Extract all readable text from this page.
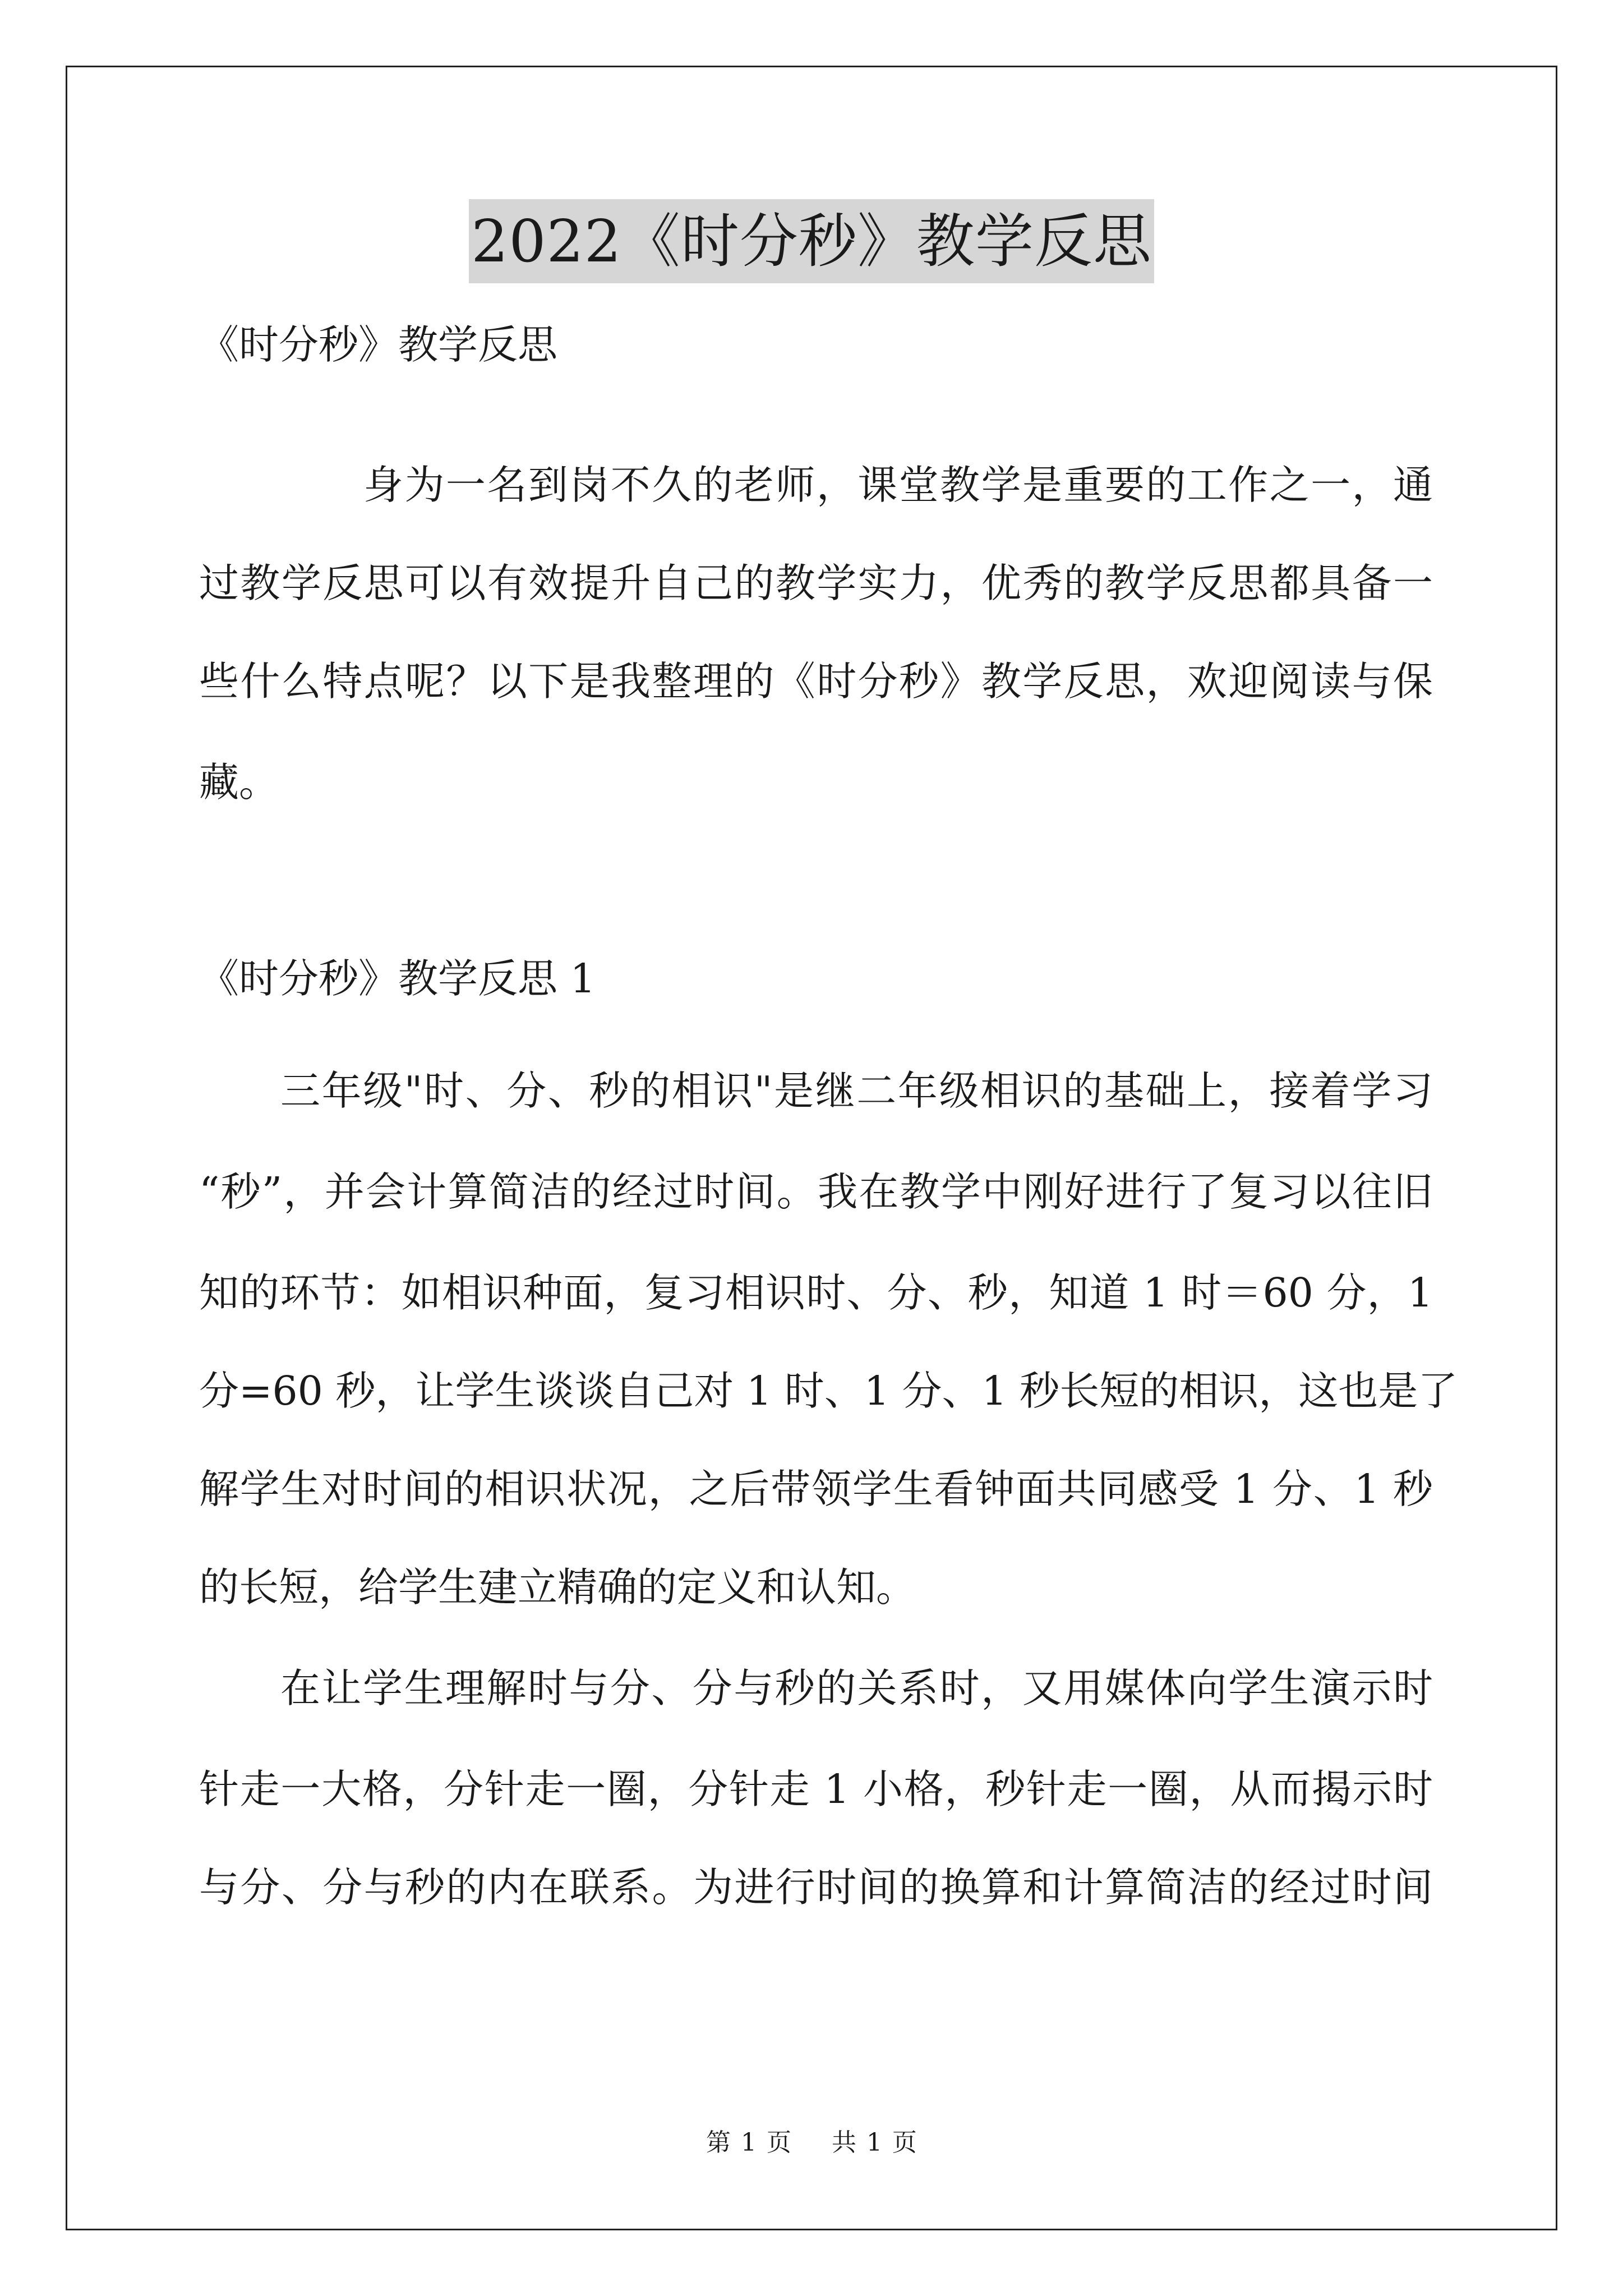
2022《时分秒》教学反思
《时分秒》教学反思
身为一名到岗不久的老师，课堂教学是重要的工作之一，通
过教学反思可以有效提升自己的教学实力，优秀的教学反思都具备一
些什么特点呢？以下是我整理的《时分秒》教学反思，欢迎阅读与保
藏。
《时分秒》教学反思 1
三年级"时、分、秒的相识"是继二年级相识的基础上，接着学习
“秒”，并会计算简洁的经过时间。我在教学中刚好进行了复习以往旧
知的环节：如相识种面，复习相识时、分、秒，知道 1 时＝60 分，1
分=60 秒，让学生谈谈自己对 1 时、1 分、1 秒长短的相识，这也是了
解学生对时间的相识状况，之后带领学生看钟面共同感受 1 分、1 秒
的长短，给学生建立精确的定义和认知。
在让学生理解时与分、分与秒的关系时，又用媒体向学生演示时
针走一大格，分针走一圈，分针走 1 小格，秒针走一圈，从而揭示时
与分、分与秒的内在联系。为进行时间的换算和计算简洁的经过时间
第 1 页 共 1 页
